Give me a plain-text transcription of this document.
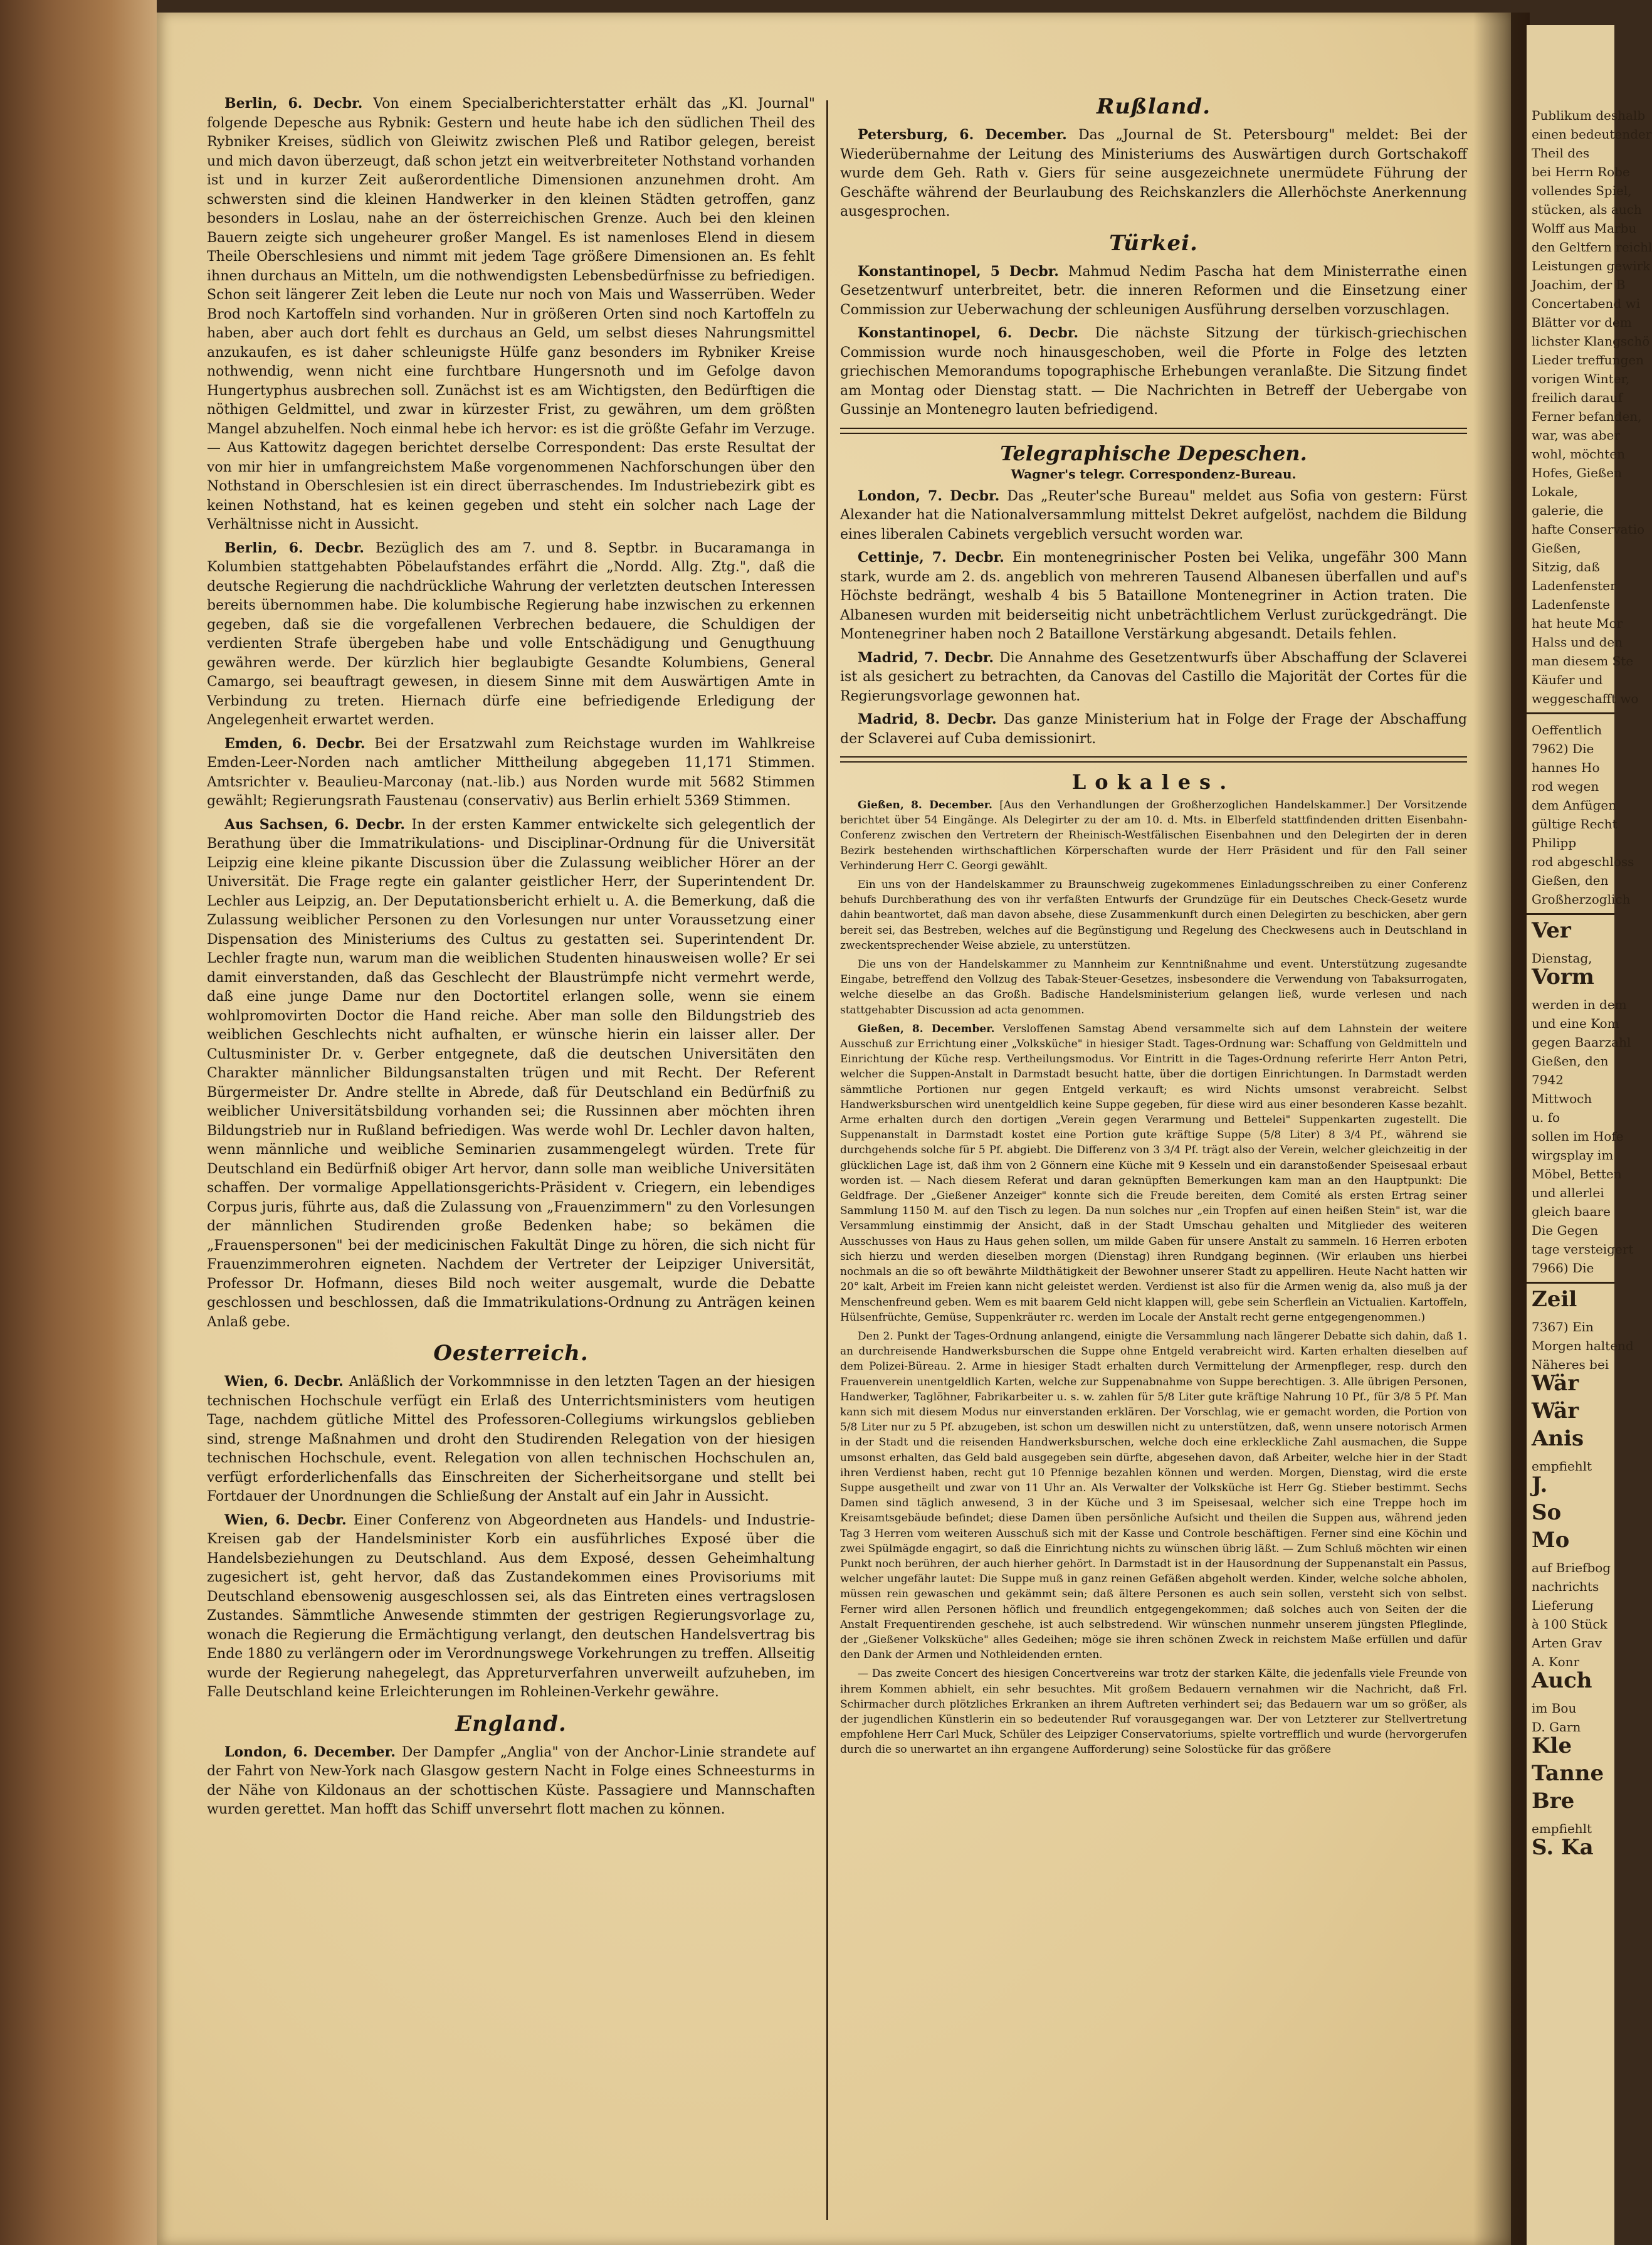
Berlin, 6. Decbr. Von einem Specialberichterstatter erhält das „Kl. Journal" folgende Depesche aus Rybnik: Gestern und heute habe ich den südlichen Theil des Rybniker Kreises, südlich von Gleiwitz zwischen Pleß und Ratibor gelegen, bereist und mich davon überzeugt, daß schon jetzt ein weitverbreiteter Nothstand vorhanden ist und in kurzer Zeit außerordentliche Dimensionen anzunehmen droht. Am schwersten sind die kleinen Handwerker in den kleinen Städten getroffen, ganz besonders in Loslau, nahe an der österreichischen Grenze. Auch bei den kleinen Bauern zeigte sich ungeheurer großer Mangel. Es ist namenloses Elend in diesem Theile Oberschlesiens und nimmt mit jedem Tage größere Dimensionen an. Es fehlt ihnen durchaus an Mitteln, um die nothwendigsten Lebensbedürfnisse zu befriedigen. Schon seit längerer Zeit leben die Leute nur noch von Mais und Wasserrüben. Weder Brod noch Kartoffeln sind vorhanden. Nur in größeren Orten sind noch Kartoffeln zu haben, aber auch dort fehlt es durchaus an Geld, um selbst dieses Nahrungsmittel anzukaufen, es ist daher schleunigste Hülfe ganz besonders im Rybniker Kreise nothwendig, wenn nicht eine furchtbare Hungersnoth und im Gefolge davon Hungertyphus ausbrechen soll. Zunächst ist es am Wichtigsten, den Bedürftigen die nöthigen Geldmittel, und zwar in kürzester Frist, zu gewähren, um dem größten Mangel abzuhelfen. Noch einmal hebe ich hervor: es ist die größte Gefahr im Verzuge. — Aus Kattowitz dagegen berichtet derselbe Correspondent: Das erste Resultat der von mir hier in umfangreichstem Maße vorgenommenen Nachforschungen über den Nothstand in Oberschlesien ist ein direct überraschendes. Im Industriebezirk gibt es keinen Nothstand, hat es keinen gegeben und steht ein solcher nach Lage der Verhältnisse nicht in Aussicht.

Berlin, 6. Decbr. Bezüglich des am 7. und 8. Septbr. in Bucaramanga in Kolumbien stattgehabten Pöbelaufstandes erfährt die „Nordd. Allg. Ztg.", daß die deutsche Regierung die nachdrückliche Wahrung der verletzten deutschen Interessen bereits übernommen habe. Die kolumbische Regierung habe inzwischen zu erkennen gegeben, daß sie die vorgefallenen Verbrechen bedauere, die Schuldigen der verdienten Strafe übergeben habe und volle Entschädigung und Genugthuung gewähren werde. Der kürzlich hier beglaubigte Gesandte Kolumbiens, General Camargo, sei beauftragt gewesen, in diesem Sinne mit dem Auswärtigen Amte in Verbindung zu treten. Hiernach dürfe eine befriedigende Erledigung der Angelegenheit erwartet werden.

Emden, 6. Decbr. Bei der Ersatzwahl zum Reichstage wurden im Wahlkreise Emden-Leer-Norden nach amtlicher Mittheilung abgegeben 11,171 Stimmen. Amtsrichter v. Beaulieu-Marconay (nat.-lib.) aus Norden wurde mit 5682 Stimmen gewählt; Regierungsrath Faustenau (conservativ) aus Berlin erhielt 5369 Stimmen.

Aus Sachsen, 6. Decbr. In der ersten Kammer entwickelte sich gelegentlich der Berathung über die Immatrikulations- und Disciplinar-Ordnung für die Universität Leipzig eine kleine pikante Discussion über die Zulassung weiblicher Hörer an der Universität. Die Frage regte ein galanter geistlicher Herr, der Superintendent Dr. Lechler aus Leipzig, an. Der Deputationsbericht erhielt u. A. die Bemerkung, daß die Zulassung weiblicher Personen zu den Vorlesungen nur unter Voraussetzung einer Dispensation des Ministeriums des Cultus zu gestatten sei. Superintendent Dr. Lechler fragte nun, warum man die weiblichen Studenten hinausweisen wolle? Er sei damit einverstanden, daß das Geschlecht der Blaustrümpfe nicht vermehrt werde, daß eine junge Dame nur den Doctortitel erlangen solle, wenn sie einem wohlpromovirten Doctor die Hand reiche. Aber man solle den Bildungstrieb des weiblichen Geschlechts nicht aufhalten, er wünsche hierin ein laisser aller. Der Cultusminister Dr. v. Gerber entgegnete, daß die deutschen Universitäten den Charakter männlicher Bildungsanstalten trügen und mit Recht. Der Referent Bürgermeister Dr. Andre stellte in Abrede, daß für Deutschland ein Bedürfniß zu weiblicher Universitätsbildung vorhanden sei; die Russinnen aber möchten ihren Bildungstrieb nur in Rußland befriedigen. Was werde wohl Dr. Lechler davon halten, wenn männliche und weibliche Seminarien zusammengelegt würden. Trete für Deutschland ein Bedürfniß obiger Art hervor, dann solle man weibliche Universitäten schaffen. Der vormalige Appellationsgerichts-Präsident v. Criegern, ein lebendiges Corpus juris, führte aus, daß die Zulassung von „Frauenzimmern" zu den Vorlesungen der männlichen Studirenden große Bedenken habe; so bekämen die „Frauenspersonen" bei der medicinischen Fakultät Dinge zu hören, die sich nicht für Frauenzimmerohren eigneten. Nachdem der Vertreter der Leipziger Universität, Professor Dr. Hofmann, dieses Bild noch weiter ausgemalt, wurde die Debatte geschlossen und beschlossen, daß die Immatrikulations-Ordnung zu Anträgen keinen Anlaß gebe.

Oesterreich.

Wien, 6. Decbr. Anläßlich der Vorkommnisse in den letzten Tagen an der hiesigen technischen Hochschule verfügt ein Erlaß des Unterrichtsministers vom heutigen Tage, nachdem gütliche Mittel des Professoren-Collegiums wirkungslos geblieben sind, strenge Maßnahmen und droht den Studirenden Relegation von der hiesigen technischen Hochschule, event. Relegation von allen technischen Hochschulen an, verfügt erforderlichenfalls das Einschreiten der Sicherheitsorgane und stellt bei Fortdauer der Unordnungen die Schließung der Anstalt auf ein Jahr in Aussicht.

Wien, 6. Decbr. Einer Conferenz von Abgeordneten aus Handels- und Industrie-Kreisen gab der Handelsminister Korb ein ausführliches Exposé über die Handelsbeziehungen zu Deutschland. Aus dem Exposé, dessen Geheimhaltung zugesichert ist, geht hervor, daß das Zustandekommen eines Provisoriums mit Deutschland ebensowenig ausgeschlossen sei, als das Eintreten eines vertragslosen Zustandes. Sämmtliche Anwesende stimmten der gestrigen Regierungsvorlage zu, wonach die Regierung die Ermächtigung verlangt, den deutschen Handelsvertrag bis Ende 1880 zu verlängern oder im Verordnungswege Vorkehrungen zu treffen. Allseitig wurde der Regierung nahegelegt, das Appreturverfahren unverweilt aufzuheben, im Falle Deutschland keine Erleichterungen im Rohleinen-Verkehr gewähre.

England.

London, 6. December. Der Dampfer „Anglia" von der Anchor-Linie strandete auf der Fahrt von New-York nach Glasgow gestern Nacht in Folge eines Schneesturms in der Nähe von Kildonaus an der schottischen Küste. Passagiere und Mannschaften wurden gerettet. Man hofft das Schiff unversehrt flott machen zu können.

Rußland.

Petersburg, 6. December. Das „Journal de St. Petersbourg" meldet: Bei der Wiederübernahme der Leitung des Ministeriums des Auswärtigen durch Gortschakoff wurde dem Geh. Rath v. Giers für seine ausgezeichnete unermüdete Führung der Geschäfte während der Beurlaubung des Reichskanzlers die Allerhöchste Anerkennung ausgesprochen.

Türkei.

Konstantinopel, 5 Decbr. Mahmud Nedim Pascha hat dem Ministerrathe einen Gesetzentwurf unterbreitet, betr. die inneren Reformen und die Einsetzung einer Commission zur Ueberwachung der schleunigen Ausführung derselben vorzuschlagen.

Konstantinopel, 6. Decbr. Die nächste Sitzung der türkisch-griechischen Commission wurde noch hinausgeschoben, weil die Pforte in Folge des letzten griechischen Memorandums topographische Erhebungen veranlaßte. Die Sitzung findet am Montag oder Dienstag statt. — Die Nachrichten in Betreff der Uebergabe von Gussinje an Montenegro lauten befriedigend.

Telegraphische Depeschen.
Wagner's telegr. Correspondenz-Bureau.

London, 7. Decbr. Das „Reuter'sche Bureau" meldet aus Sofia von gestern: Fürst Alexander hat die Nationalversammlung mittelst Dekret aufgelöst, nachdem die Bildung eines liberalen Cabinets vergeblich versucht worden war.

Cettinje, 7. Decbr. Ein montenegrinischer Posten bei Velika, ungefähr 300 Mann stark, wurde am 2. ds. angeblich von mehreren Tausend Albanesen überfallen und auf's Höchste bedrängt, weshalb 4 bis 5 Bataillone Montenegriner in Action traten. Die Albanesen wurden mit beiderseitig nicht unbeträchtlichem Verlust zurückgedrängt. Die Montenegriner haben noch 2 Bataillone Verstärkung abgesandt. Details fehlen.

Madrid, 7. Decbr. Die Annahme des Gesetzentwurfs über Abschaffung der Sclaverei ist als gesichert zu betrachten, da Canovas del Castillo die Majorität der Cortes für die Regierungsvorlage gewonnen hat.

Madrid, 8. Decbr. Das ganze Ministerium hat in Folge der Frage der Abschaffung der Sclaverei auf Cuba demissionirt.

Lokales.

Gießen, 8. December. [Aus den Verhandlungen der Großherzoglichen Handelskammer.] Der Vorsitzende berichtet über 54 Eingänge. Als Delegirter zu der am 10. d. Mts. in Elberfeld stattfindenden dritten Eisenbahn-Conferenz zwischen den Vertretern der Rheinisch-Westfälischen Eisenbahnen und den Delegirten der in deren Bezirk bestehenden wirthschaftlichen Körperschaften wurde der Herr Präsident und für den Fall seiner Verhinderung Herr C. Georgi gewählt.

Ein uns von der Handelskammer zu Braunschweig zugekommenes Einladungsschreiben zu einer Conferenz behufs Durchberathung des von ihr verfaßten Entwurfs der Grundzüge für ein Deutsches Check-Gesetz wurde dahin beantwortet, daß man davon absehe, diese Zusammenkunft durch einen Delegirten zu beschicken, aber gern bereit sei, das Bestreben, welches auf die Begünstigung und Regelung des Checkwesens auch in Deutschland in zweckentsprechender Weise abziele, zu unterstützen.

Die uns von der Handelskammer zu Mannheim zur Kenntnißnahme und event. Unterstützung zugesandte Eingabe, betreffend den Vollzug des Tabak-Steuer-Gesetzes, insbesondere die Verwendung von Tabaksurrogaten, welche dieselbe an das Großh. Badische Handelsministerium gelangen ließ, wurde verlesen und nach stattgehabter Discussion ad acta genommen.

Gießen, 8. December. Versloffenen Samstag Abend versammelte sich auf dem Lahnstein der weitere Ausschuß zur Errichtung einer „Volksküche" in hiesiger Stadt. Tages-Ordnung war: Schaffung von Geldmitteln und Einrichtung der Küche resp. Vertheilungsmodus. Vor Eintritt in die Tages-Ordnung referirte Herr Anton Petri, welcher die Suppen-Anstalt in Darmstadt besucht hatte, über die dortigen Einrichtungen. In Darmstadt werden sämmtliche Portionen nur gegen Entgeld verkauft; es wird Nichts umsonst verabreicht. Selbst Handwerksburschen wird unentgeldlich keine Suppe gegeben, für diese wird aus einer besonderen Kasse bezahlt. Arme erhalten durch den dortigen „Verein gegen Verarmung und Bettelei" Suppenkarten zugestellt. Die Suppenanstalt in Darmstadt kostet eine Portion gute kräftige Suppe (5/8 Liter) 8 3/4 Pf., während sie durchgehends solche für 5 Pf. abgiebt. Die Differenz von 3 3/4 Pf. trägt also der Verein, welcher gleichzeitig in der glücklichen Lage ist, daß ihm von 2 Gönnern eine Küche mit 9 Kesseln und ein daranstoßender Speisesaal erbaut worden ist. — Nach diesem Referat und daran geknüpften Bemerkungen kam man an den Hauptpunkt: Die Geldfrage. Der „Gießener Anzeiger" konnte sich die Freude bereiten, dem Comité als ersten Ertrag seiner Sammlung 1150 M. auf den Tisch zu legen. Da nun solches nur „ein Tropfen auf einen heißen Stein" ist, war die Versammlung einstimmig der Ansicht, daß in der Stadt Umschau gehalten und Mitglieder des weiteren Ausschusses von Haus zu Haus gehen sollen, um milde Gaben für unsere Anstalt zu sammeln. 16 Herren erboten sich hierzu und werden dieselben morgen (Dienstag) ihren Rundgang beginnen. (Wir erlauben uns hierbei nochmals an die so oft bewährte Mildthätigkeit der Bewohner unserer Stadt zu appelliren. Heute Nacht hatten wir 20° kalt, Arbeit im Freien kann nicht geleistet werden. Verdienst ist also für die Armen wenig da, also muß ja der Menschenfreund geben. Wem es mit baarem Geld nicht klappen will, gebe sein Scherflein an Victualien. Kartoffeln, Hülsenfrüchte, Gemüse, Suppenkräuter rc. werden im Locale der Anstalt recht gerne entgegengenommen.)

Den 2. Punkt der Tages-Ordnung anlangend, einigte die Versammlung nach längerer Debatte sich dahin, daß 1. an durchreisende Handwerksburschen die Suppe ohne Entgeld verabreicht wird. Karten erhalten dieselben auf dem Polizei-Büreau. 2. Arme in hiesiger Stadt erhalten durch Vermittelung der Armenpfleger, resp. durch den Frauenverein unentgeldlich Karten, welche zur Suppenabnahme von Suppe berechtigen. 3. Alle übrigen Personen, Handwerker, Taglöhner, Fabrikarbeiter u. s. w. zahlen für 5/8 Liter gute kräftige Nahrung 10 Pf., für 3/8 5 Pf. Man kann sich mit diesem Modus nur einverstanden erklären. Der Vorschlag, wie er gemacht worden, die Portion von 5/8 Liter nur zu 5 Pf. abzugeben, ist schon um deswillen nicht zu unterstützen, daß, wenn unsere notorisch Armen in der Stadt und die reisenden Handwerksburschen, welche doch eine erkleckliche Zahl ausmachen, die Suppe umsonst erhalten, das Geld bald ausgegeben sein dürfte, abgesehen davon, daß Arbeiter, welche hier in der Stadt ihren Verdienst haben, recht gut 10 Pfennige bezahlen können und werden. Morgen, Dienstag, wird die erste Suppe ausgetheilt und zwar von 11 Uhr an. Als Verwalter der Volksküche ist Herr Gg. Stieber bestimmt. Sechs Damen sind täglich anwesend, 3 in der Küche und 3 im Speisesaal, welcher sich eine Treppe hoch im Kreisamtsgebäude befindet; diese Damen üben persönliche Aufsicht und theilen die Suppen aus, während jeden Tag 3 Herren vom weiteren Ausschuß sich mit der Kasse und Controle beschäftigen. Ferner sind eine Köchin und zwei Spülmägde engagirt, so daß die Einrichtung nichts zu wünschen übrig läßt. — Zum Schluß möchten wir einen Punkt noch berühren, der auch hierher gehört. In Darmstadt ist in der Hausordnung der Suppenanstalt ein Passus, welcher ungefähr lautet: Die Suppe muß in ganz reinen Gefäßen abgeholt werden. Kinder, welche solche abholen, müssen rein gewaschen und gekämmt sein; daß ältere Personen es auch sein sollen, versteht sich von selbst. Ferner wird allen Personen höflich und freundlich entgegengekommen; daß solches auch von Seiten der die Anstalt Frequentirenden geschehe, ist auch selbstredend. Wir wünschen nunmehr unserem jüngsten Pfleglinde, der „Gießener Volksküche" alles Gedeihen; möge sie ihren schönen Zweck in reichstem Maße erfüllen und dafür den Dank der Armen und Nothleidenden ernten.

— Das zweite Concert des hiesigen Concertvereins war trotz der starken Kälte, die jedenfalls viele Freunde von ihrem Kommen abhielt, ein sehr besuchtes. Mit großem Bedauern vernahmen wir die Nachricht, daß Frl. Schirmacher durch plötzliches Erkranken an ihrem Auftreten verhindert sei; das Bedauern war um so größer, als der jugendlichen Künstlerin ein so bedeutender Ruf vorausgegangen war. Der von Letzterer zur Stellvertretung empfohlene Herr Carl Muck, Schüler des Leipziger Conservatoriums, spielte vortrefflich und wurde (hervorgerufen durch die so unerwartet an ihn ergangene Aufforderung) seine Solostücke für das größere

Publikum deshalb
einen bedeutender
Theil des
bei Herrn Robe
vollendes Spiel,
stücken, als auch
Wolff aus Marbu
den Geltfern reichl
Leistungen gewirk
Joachim, der B
Concertabend wi
Blätter vor dem
lichster Klangschö
Lieder treffungen
vorigen Winter,
freilich darauf
Ferner befanden,
war, was aber
wohl, möchten
Hofes, Gießen
Lokale,
galerie, die
hafte Conservatio
Gießen,
Sitzig, daß
Ladenfenster
Ladenfenste
hat heute Mor
Halss und den
man diesem Ste
Käufer und
weggeschafft wo
Oeffentlich
7962) Die
hannes Ho
rod wegen
dem Anfügen
gültige Recht
Philipp
rod abgeschloss
Gießen, den
Großherzoglich
Ver
Dienstag,
Vorm
werden in dem
und eine Kom
gegen Baarzahl
Gießen, den
7942
Mittwoch
u. fo
sollen im Hofe
wirgsplay im
Möbel, Betten
und allerlei
gleich baare
Die Gegen
tage versteigert
7966) Die
Zeil
7367) Ein
Morgen haltend
Näheres bei
Wär
Wär
Anis
empfiehlt
J.
So
Mo
auf Briefbog
nachrichts
Lieferung
à 100 Stück
Arten Grav
A. Konr
Auch
im Bou
D. Garn
Kle
Tanne
Bre
empfiehlt
S. Ka
